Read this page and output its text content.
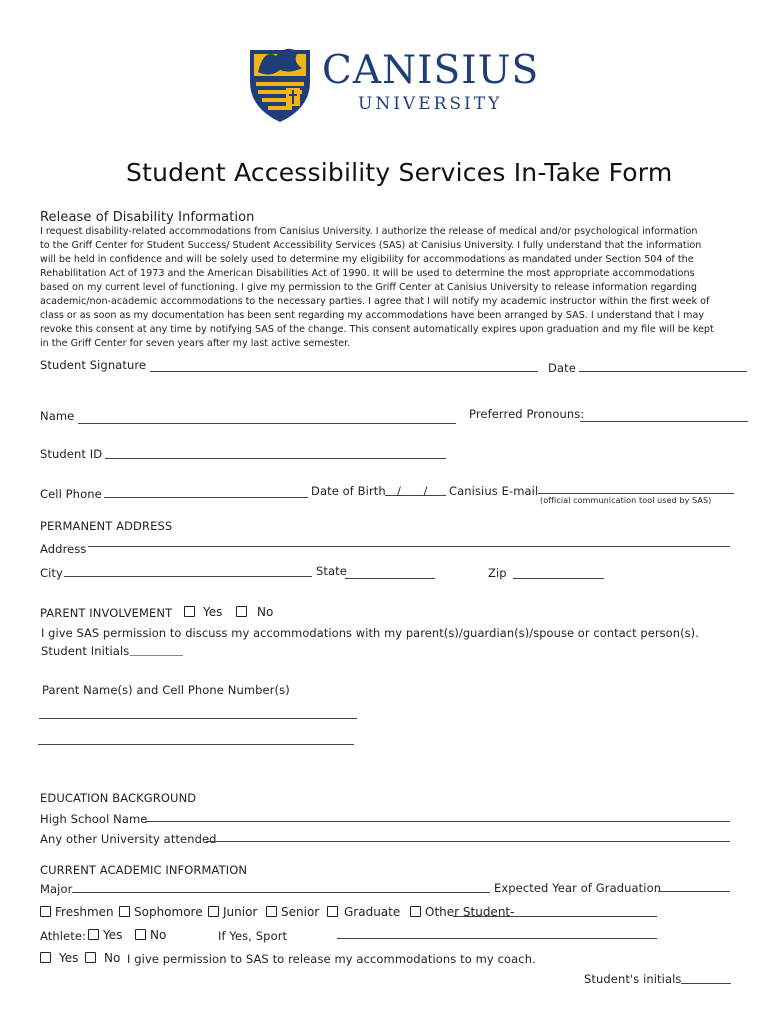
CANISIUS
UNIVERSITY
Student Accessibility Services In-Take Form
Release of Disability Information
I request disability-related accommodations from Canisius University. I authorize the release of medical and/or psychological information
to the Griff Center for Student Success/ Student Accessibility Services (SAS) at Canisius University. I fully understand that the information
will be held in confidence and will be solely used to determine my eligibility for accommodations as mandated under Section 504 of the
Rehabilitation Act of 1973 and the American Disabilities Act of 1990. It will be used to determine the most appropriate accommodations
based on my current level of functioning. I give my permission to the Griff Center at Canisius University to release information regarding
academic/non-academic accommodations to the necessary parties. I agree that I will notify my academic instructor within the first week of
class or as soon as my documentation has been sent regarding my accommodations have been arranged by SAS. I understand that I may
revoke this consent at any time by notifying SAS of the change. This consent automatically expires upon graduation and my file will be kept
in the Griff Center for seven years after my last active semester.
Student Signature	Date
Name	Preferred Pronouns:
Student ID
Cell Phone	Date of Birth /      / Canisius E-mail
(official communication tool used by SAS)
PERMANENT ADDRESS
Address
City	State	Zip
PARENT INVOLVEMENT	Yes	No
I give SAS permission to discuss my accommodations with my parent(s)/guardian(s)/spouse or contact person(s).
Student Initials
Parent Name(s) and Cell Phone Number(s)
EDUCATION BACKGROUND
High School Name
Any other University attended
CURRENT ACADEMIC INFORMATION
Major	Expected Year of Graduation
Freshmen	Sophomore	Junior	Senior	Graduate	Other Student-
Athlete:	Yes	No	If Yes, Sport
Yes	No I give permission to SAS to release my accommodations to my coach.
Student's initials
